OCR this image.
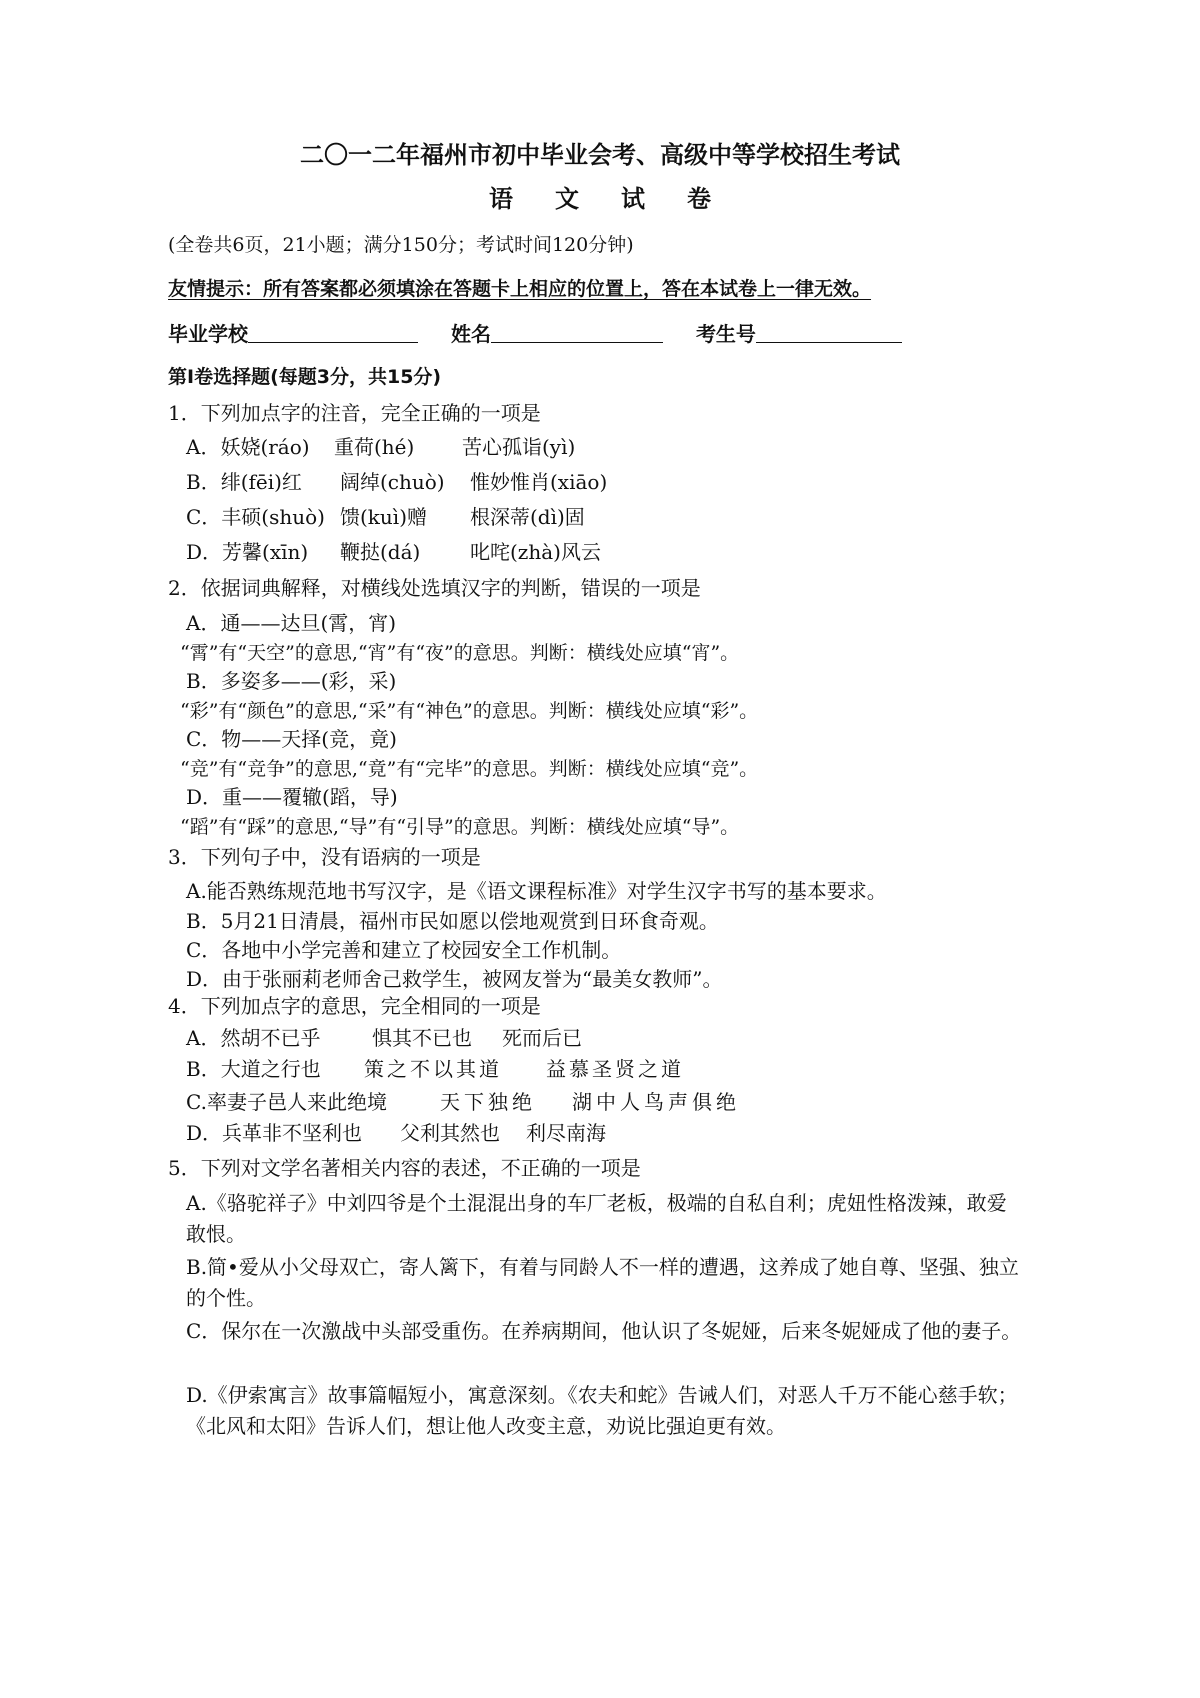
二〇一二年福州市初中毕业会考、高级中等学校招生考试
语文试卷
(全卷共6页，21小题；满分150分；考试时间120分钟)
友情提示：所有答案都必须填涂在答题卡上相应的位置上，答在本试卷上一律无效。
毕业学校	姓名	考生号
第Ⅰ卷选择题(每题3分，共15分)
1．下列加点字的注音，完全正确的一项是
A．妖娆(ráo) 重荷(hé) 苦心孤诣(yì)
B．绯(fēi)红 阔绰(chuò) 惟妙惟肖(xiāo)
C．丰硕(shuò) 馈(kuì)赠 根深蒂(dì)固
D．芳馨(xīn) 鞭挞(dá) 叱咤(zhà)风云
2．依据词典解释，对横线处选填汉字的判断，错误的一项是
A．通——达旦(霄，宵)
“霄”有“天空”的意思,“宵”有“夜”的意思。判断：横线处应填“宵”。
B．多姿多——(彩，采)
“彩”有“颜色”的意思,“采”有“神色”的意思。判断：横线处应填“彩”。
C．物——天择(竞，竟)
“竞”有“竞争”的意思,“竟”有“完毕”的意思。判断：横线处应填“竞”。
D．重——覆辙(蹈，导)
“蹈”有“踩”的意思,“导”有“引导”的意思。判断：横线处应填“导”。
3．下列句子中，没有语病的一项是
A.能否熟练规范地书写汉字，是《语文课程标准》对学生汉字书写的基本要求。
B．5月21日清晨，福州市民如愿以偿地观赏到日环食奇观。
C．各地中小学完善和建立了校园安全工作机制。
D．由于张丽莉老师舍己救学生，被网友誉为“最美女教师”。
4．下列加点字的意思，完全相同的一项是
A．然胡不已乎	惧其不已也 死而后已
B．大道之行也 策之不以其道 益慕圣贤之道
C.率妻子邑人来此绝境	天下独绝 湖中人鸟声俱绝
D．兵革非不坚利也 父利其然也 利尽南海
5．下列对文学名著相关内容的表述，不正确的一项是
A.《骆驼祥子》中刘四爷是个土混混出身的车厂老板，极端的自私自利；虎妞性格泼辣，敢爱敢恨。
B.简•爱从小父母双亡，寄人篱下，有着与同龄人不一样的遭遇，这养成了她自尊、坚强、独立的个性。
C．保尔在一次激战中头部受重伤。在养病期间，他认识了冬妮娅，后来冬妮娅成了他的妻子。
D.《伊索寓言》故事篇幅短小，寓意深刻。《农夫和蛇》告诫人们，对恶人千万不能心慈手软；《北风和太阳》告诉人们，想让他人改变主意，劝说比强迫更有效。
